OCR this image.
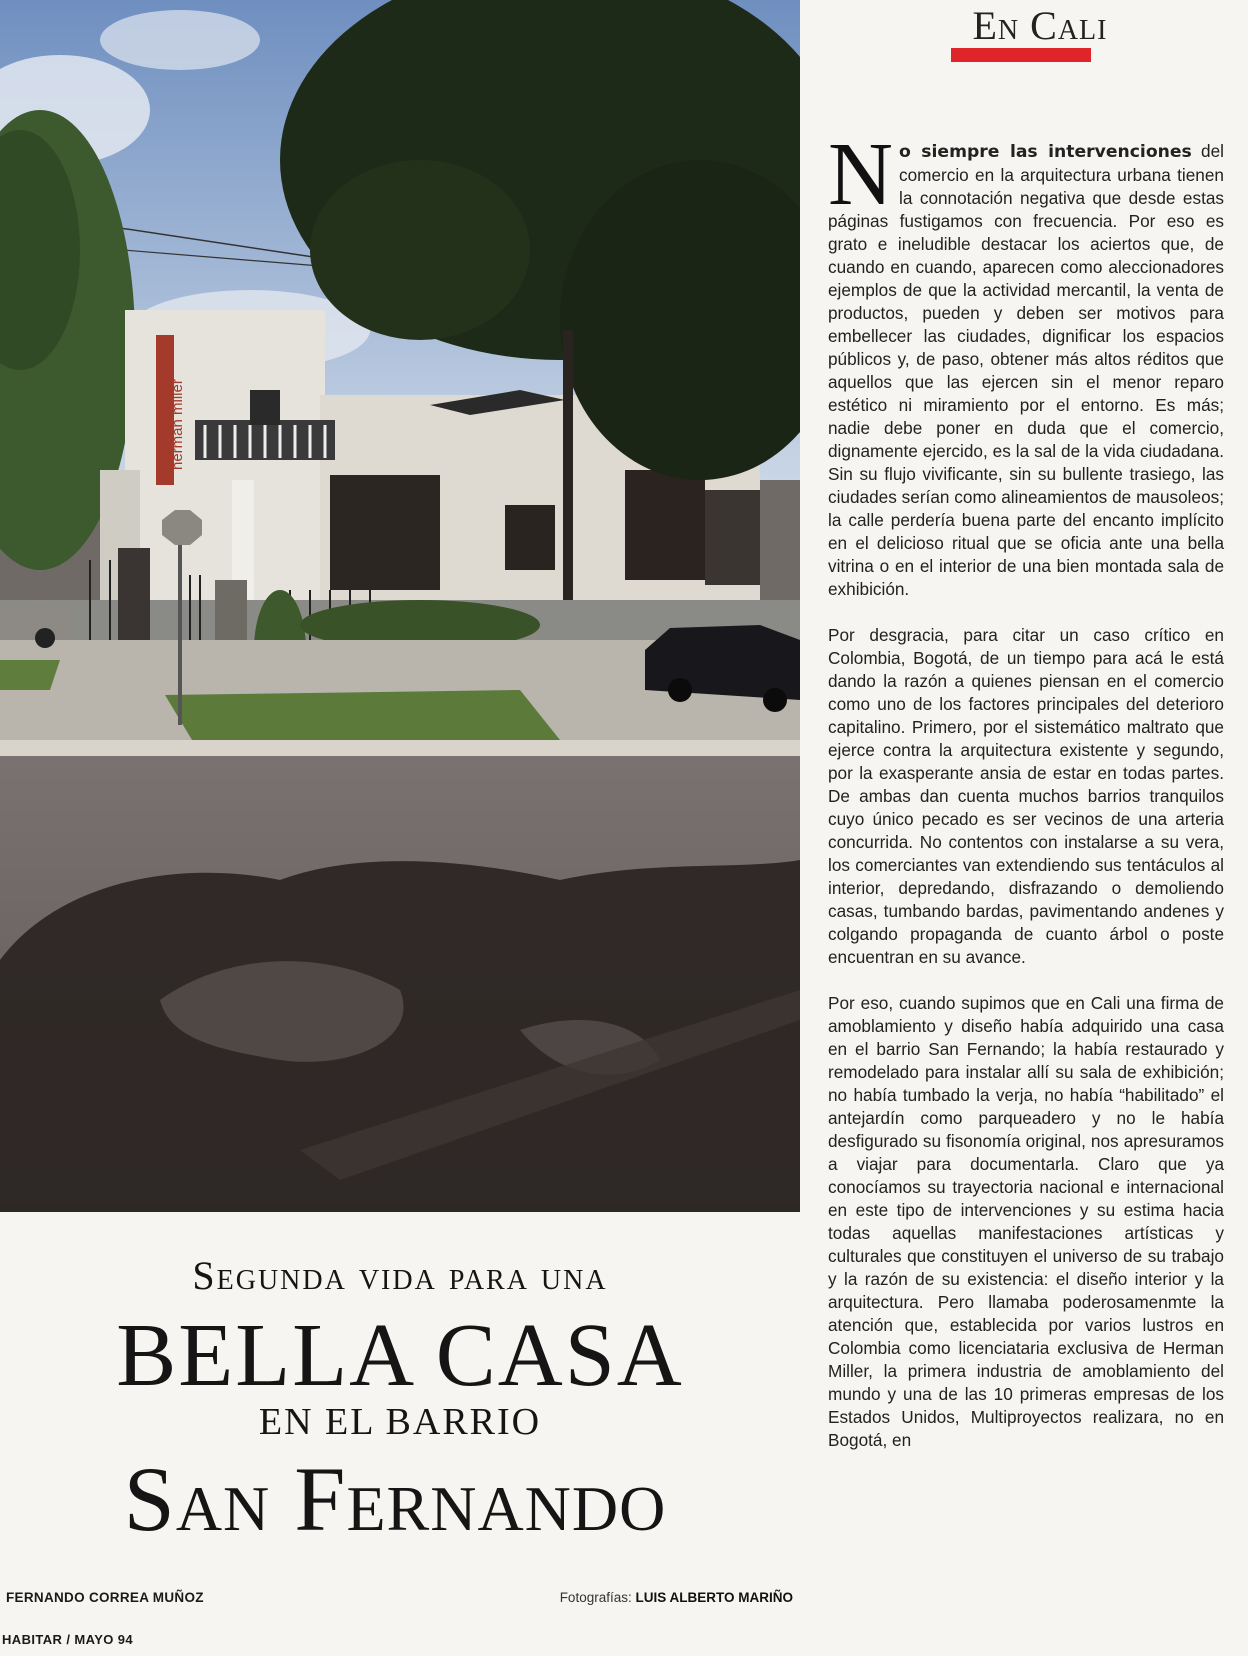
herman miller
En Cali

No siempre las intervenciones del comercio en la arquitectura urbana tienen la connotación negativa que desde estas páginas fustigamos con frecuencia. Por eso es grato e ineludible destacar los aciertos que, de cuando en cuando, aparecen como aleccionadores ejemplos de que la actividad mercantil, la venta de productos, pueden y deben ser motivos para embellecer las ciudades, dignificar los espacios públicos y, de paso, obtener más altos réditos que aquellos que las ejercen sin el menor reparo estético ni miramiento por el entorno. Es más; nadie debe poner en duda que el comercio, dignamente ejercido, es la sal de la vida ciudadana. Sin su flujo vivificante, sin su bullente trasiego, las ciudades serían como alineamientos de mausoleos; la calle perdería buena parte del encanto implícito en el delicioso ritual que se oficia ante una bella vitrina o en el interior de una bien montada sala de exhibición.

Por desgracia, para citar un caso crítico en Colombia, Bogotá, de un tiempo para acá le está dando la razón a quienes piensan en el comercio como uno de los factores principales del deterioro capitalino. Primero, por el sistemático maltrato que ejerce contra la arquitectura existente y segundo, por la exasperante ansia de estar en todas partes. De ambas dan cuenta muchos barrios tranquilos cuyo único pecado es ser vecinos de una arteria concurrida. No contentos con instalarse a su vera, los comerciantes van extendiendo sus tentáculos al interior, depredando, disfrazando o demoliendo casas, tumbando bardas, pavimentando andenes y colgando propaganda de cuanto árbol o poste encuentran en su avance.

Por eso, cuando supimos que en Cali una firma de amoblamiento y diseño había adquirido una casa en el barrio San Fernando; la había restaurado y remodelado para instalar allí su sala de exhibición; no había tumbado la verja, no había “habilitado” el antejardín como parqueadero y no le había desfigurado su fisonomía original, nos apresuramos a viajar para documentarla. Claro que ya conocíamos su trayectoria nacional e internacional en este tipo de intervenciones y su estima hacia todas aquellas manifestaciones artísticas y culturales que constituyen el universo de su trabajo y la razón de su existencia: el diseño interior y la arquitectura. Pero llamaba poderosamenmte la atención que, establecida por varios lustros en Colombia como licenciataria exclusiva de Herman Miller, la primera industria de amoblamiento del mundo y una de las 10 primeras empresas de los Estados Unidos, Multiproyectos realizara, no en Bogotá, en

Segunda vida para una
BELLA CASA
EN EL BARRIO
San Fernando
FERNANDO CORREA MUÑOZ	Fotografías: LUIS ALBERTO MARIÑO
HABITAR / MAYO 94
